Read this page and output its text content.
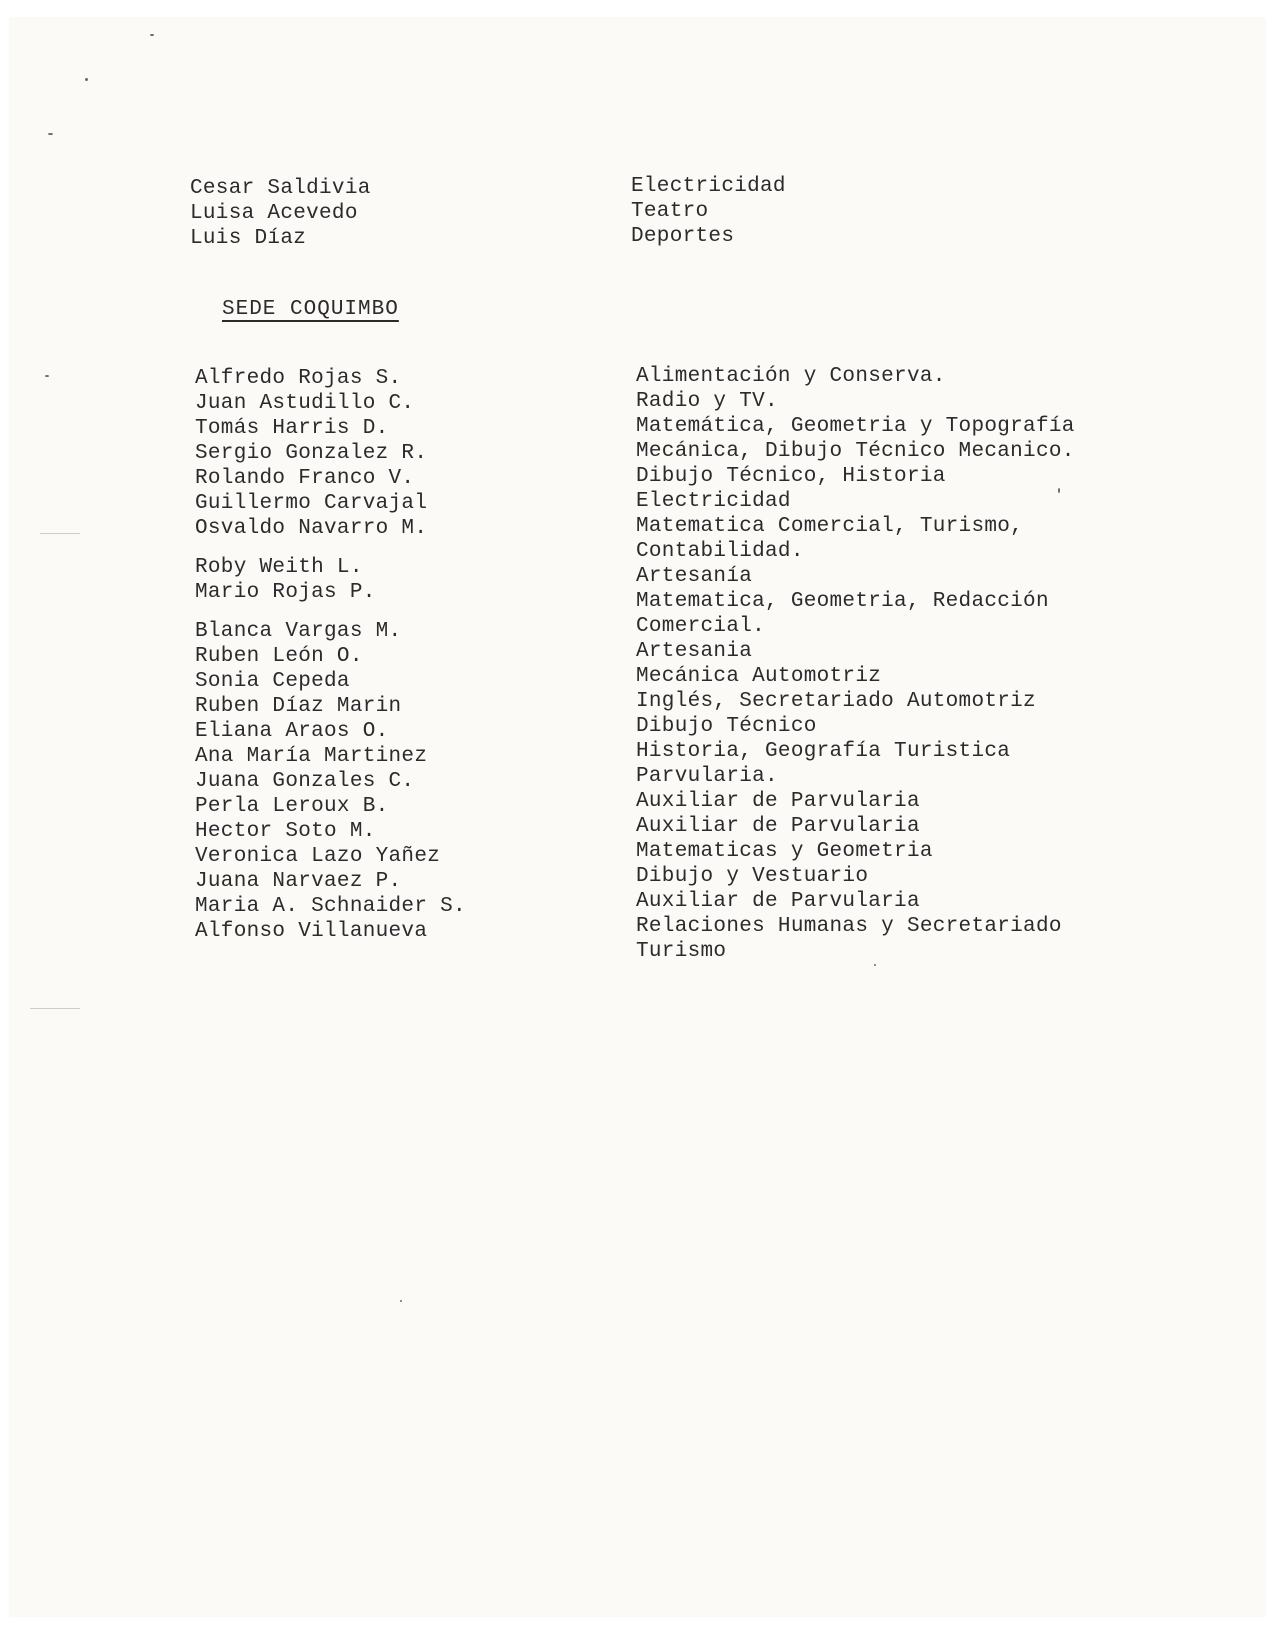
Cesar Saldivia
Luisa Acevedo
Luis Díaz
Electricidad
Teatro
Deportes
SEDE COQUIMBO
Alfredo Rojas S.
Juan Astudillo C.
Tomás Harris D.
Sergio Gonzalez R.
Rolando Franco V.
Guillermo Carvajal
Osvaldo Navarro M.
Roby Weith L.
Mario Rojas P.
Blanca Vargas M.
Ruben León O.
Sonia Cepeda
Ruben Díaz Marin
Eliana Araos O.
Ana María Martinez
Juana Gonzales C.
Perla Leroux B.
Hector Soto M.
Veronica Lazo Yañez
Juana Narvaez P.
Maria A. Schnaider S.
Alfonso Villanueva
Alimentación y Conserva.
Radio y TV.
Matemática, Geometria y Topografía
Mecánica, Dibujo Técnico Mecanico.
Dibujo Técnico, Historia
Electricidad
Matematica Comercial, Turismo,
Contabilidad.
Artesanía
Matematica, Geometria, Redacción
Comercial.
Artesania
Mecánica Automotriz
Inglés, Secretariado Automotriz
Dibujo Técnico
Historia, Geografía Turistica
Parvularia.
Auxiliar de Parvularia
Auxiliar de Parvularia
Matematicas y Geometria
Dibujo y Vestuario
Auxiliar de Parvularia
Relaciones Humanas y Secretariado
Turismo
